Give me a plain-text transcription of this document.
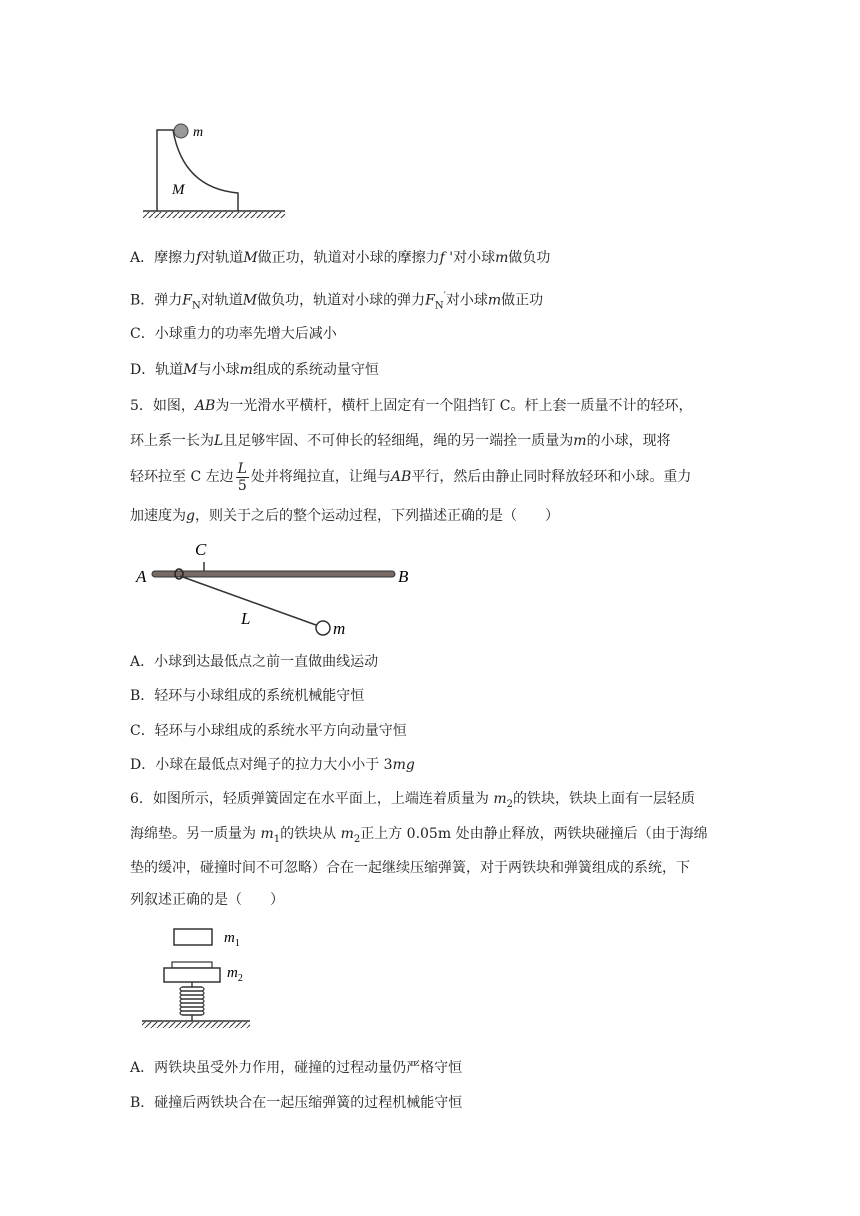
m
M
A．摩擦力f对轨道M做正功，轨道对小球的摩擦力f '对小球m做负功
B．弹力$F_N$对轨道M做负功，轨道对小球的弹力$F_N'$对小球m做正功
C．小球重力的功率先增大后减小
D．轨道M与小球m组成的系统动量守恒
5．如图，AB为一光滑水平横杆，横杆上固定有一个阻挡钉 C。杆上套一质量不计的轻环，
环上系一长为L且足够牢固、不可伸长的轻细绳，绳的另一端拴一质量为m的小球，现将
轻环拉至 C 左边 $\frac{L}{5}$ 处并将绳拉直，让绳与AB平行，然后由静止同时释放轻环和小球。重力
加速度为g，则关于之后的整个运动过程，下列描述正确的是（　　）
A
C
B
L
m
A．小球到达最低点之前一直做曲线运动
B．轻环与小球组成的系统机械能守恒
C．轻环与小球组成的系统水平方向动量守恒
D．小球在最低点对绳子的拉力大小小于 3mg
6．如图所示，轻质弹簧固定在水平面上，上端连着质量为 $m_2$的铁块，铁块上面有一层轻质
海绵垫。另一质量为 $m_1$的铁块从 $m_2$正上方 0.05m 处由静止释放，两铁块碰撞后（由于海绵
垫的缓冲，碰撞时间不可忽略）合在一起继续压缩弹簧，对于两铁块和弹簧组成的系统，下
列叙述正确的是（　　）
$m_1$
$m_2$
A．两铁块虽受外力作用，碰撞的过程动量仍严格守恒
B．碰撞后两铁块合在一起压缩弹簧的过程机械能守恒
